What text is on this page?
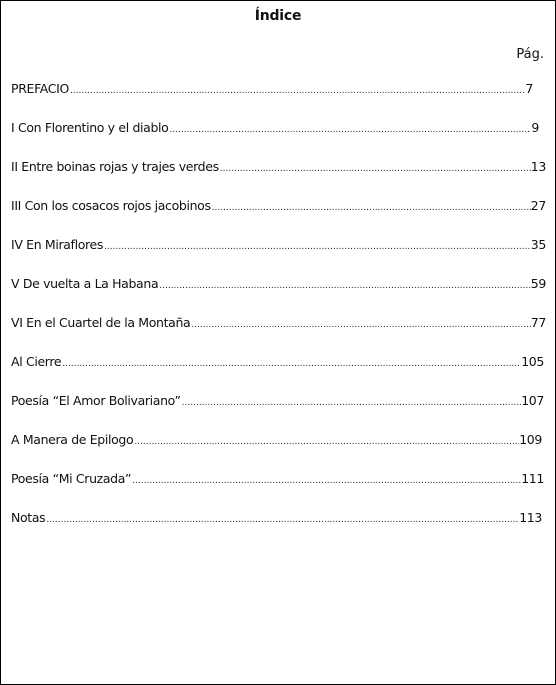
Índice
Pág.
PREFACIO .....	7
I Con Florentino y el diablo .....	9
II Entre boinas rojas y trajes verdes .....	13
III Con los cosacos rojos jacobinos .....	27
IV En Miraflores .....	35
V De vuelta a La Habana .....	59
VI En el Cuartel de la Montaña .....	77
Al Cierre .....	105
Poesía “El Amor Bolivariano” .....	107
A Manera de Epilogo .....	109
Poesía “Mi Cruzada” .....	111
Notas .....	113
